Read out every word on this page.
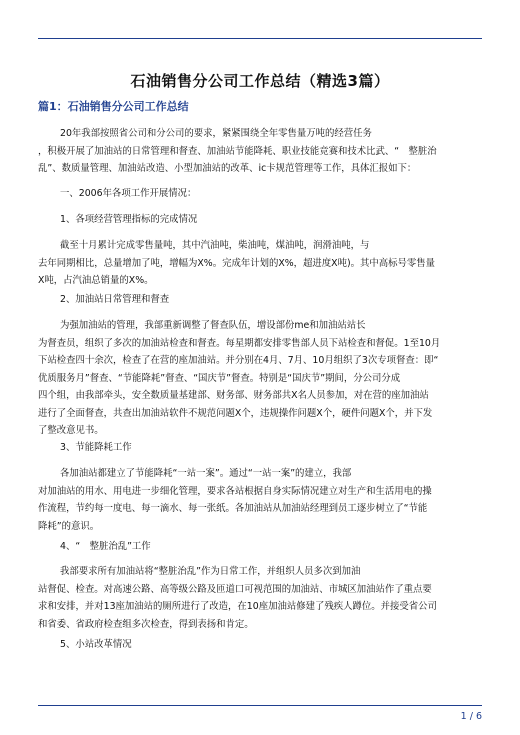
石油销售分公司工作总结（精选3篇）
篇1：石油销售分公司工作总结

20年我部按照省公司和分公司的要求，紧紧围绕全年零售量万吨的经营任务
，积极开展了加油站的日常管理和督查、加油站节能降耗、职业技能竞赛和技术比武、“　整脏治
乱”、数质量管理、加油站改造、小型加油站的改革、ic卡规范管理等工作，具体汇报如下：

一、2006年各项工作开展情况：

1、各项经营管理指标的完成情况

截至十月累计完成零售量吨，其中汽油吨，柴油吨，煤油吨，润滑油吨，与
去年同期相比，总量增加了吨，增幅为X%。完成年计划的X%，超进度X吨)。其中高标号零售量
X吨，占汽油总销量的X%。

2、加油站日常管理和督查

为强加油站的管理，我部重新调整了督查队伍，增设部份me和加油站站长
为督查员，组织了多次的加油站检查和督查。每星期都安排零售部人员下站检查和督促。1至10月
下站检查四十余次，检查了在营的座加油站。并分别在4月、7月、10月组织了3次专项督查：即“
优质服务月”督查、“节能降耗”督查、“国庆节”督查。特别是“国庆节”期间，分公司分成
四个组，由我部牵头，安全数质量基建部、财务部、财务部共X名人员参加，对在营的座加油站
进行了全面督查，共查出加油站软件不规范问题X个，违规操作问题X个，硬件问题X个，并下发
了整改意见书。

3、节能降耗工作

各加油站都建立了节能降耗“一站一案”。通过“一站一案”的建立，我部
对加油站的用水、用电进一步细化管理，要求各站根据自身实际情况建立对生产和生活用电的操
作流程，节约每一度电、每一滴水、每一张纸。各加油站从加油站经理到员工逐步树立了“节能
降耗”的意识。

4、“　整脏治乱”工作

我部要求所有加油站将“整脏治乱”作为日常工作，并组织人员多次到加油
站督促、检查。对高速公路、高等级公路及匝道口可视范围的加油站、市城区加油站作了重点要
求和安排，并对13座加油站的厕所进行了改造，在10座加油站修建了残疾人蹲位。并接受省公司
和省委、省政府检查组多次检查，得到表扬和肯定。

5、小站改革情况

1 / 6
